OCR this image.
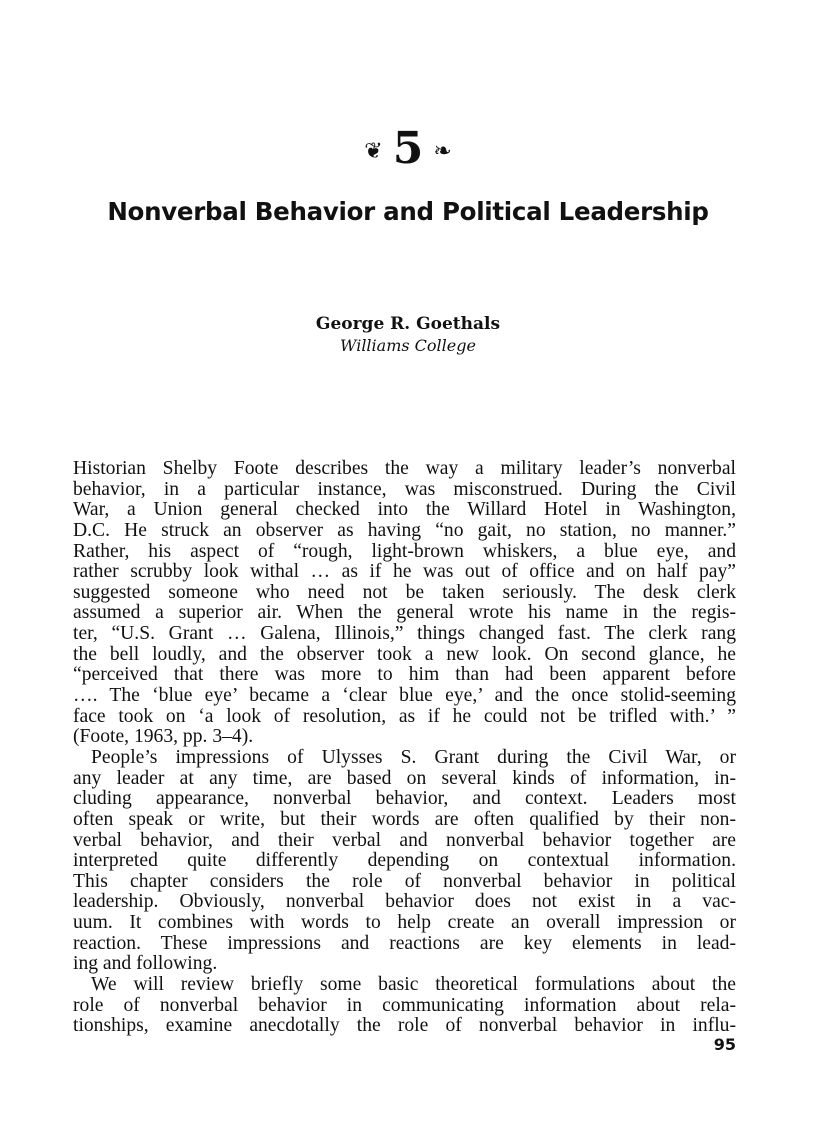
❦ 5 ❧
Nonverbal Behavior and Political Leadership
George R. Goethals
Williams College
Historian Shelby Foote describes the way a military leader’s nonverbal
behavior, in a particular instance, was misconstrued. During the Civil
War, a Union general checked into the Willard Hotel in Washington,
D.C. He struck an observer as having “no gait, no station, no manner.”
Rather, his aspect of “rough, light-brown whiskers, a blue eye, and
rather scrubby look withal … as if he was out of office and on half pay”
suggested someone who need not be taken seriously. The desk clerk
assumed a superior air. When the general wrote his name in the regis-
ter, “U.S. Grant … Galena, Illinois,” things changed fast. The clerk rang
the bell loudly, and the observer took a new look. On second glance, he
“perceived that there was more to him than had been apparent before
…. The ‘blue eye’ became a ‘clear blue eye,’ and the once stolid-seeming
face took on ‘a look of resolution, as if he could not be trifled with.’ ”
(Foote, 1963, pp. 3–4).
People’s impressions of Ulysses S. Grant during the Civil War, or
any leader at any time, are based on several kinds of information, in-
cluding appearance, nonverbal behavior, and context. Leaders most
often speak or write, but their words are often qualified by their non-
verbal behavior, and their verbal and nonverbal behavior together are
interpreted quite differently depending on contextual information.
This chapter considers the role of nonverbal behavior in political
leadership. Obviously, nonverbal behavior does not exist in a vac-
uum. It combines with words to help create an overall impression or
reaction. These impressions and reactions are key elements in lead-
ing and following.
We will review briefly some basic theoretical formulations about the
role of nonverbal behavior in communicating information about rela-
tionships, examine anecdotally the role of nonverbal behavior in influ-
95
